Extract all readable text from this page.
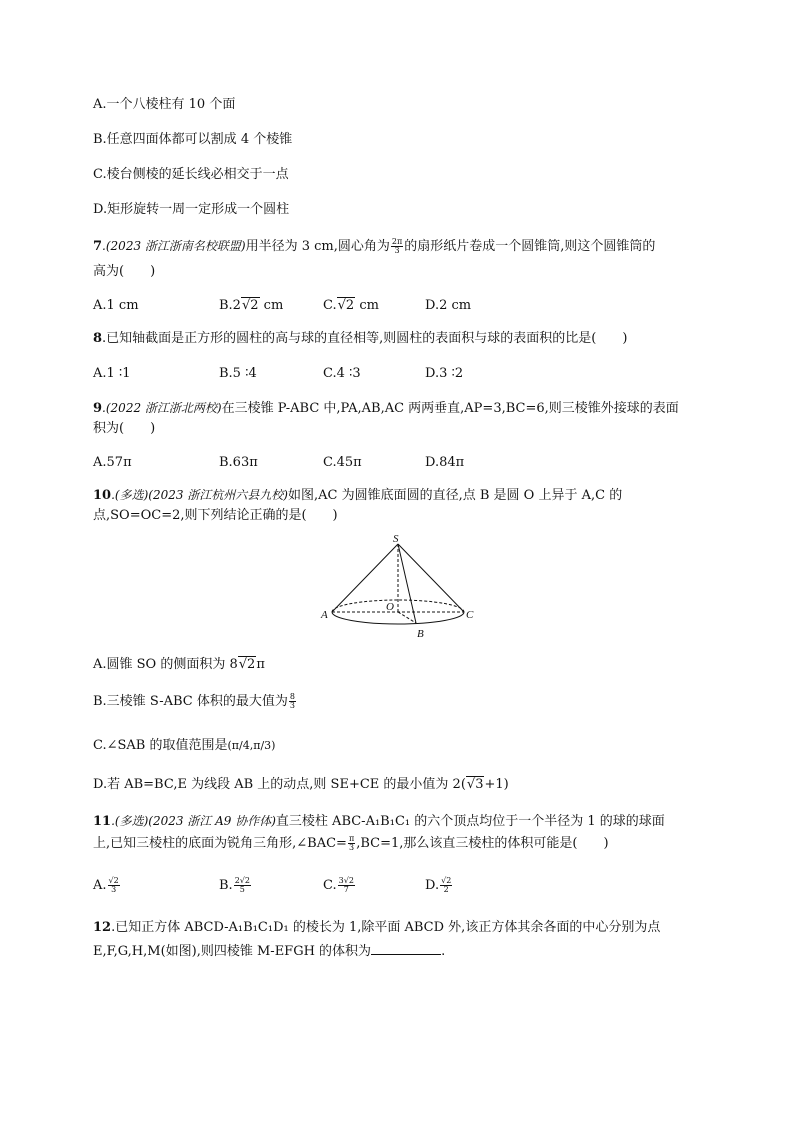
A.一个八棱柱有 10 个面
B.任意四面体都可以割成 4 个棱锥
C.棱台侧棱的延长线必相交于一点
D.矩形旋转一周一定形成一个圆柱
7.(2023 浙江浙南名校联盟)用半径为 3 cm,圆心角为 $\frac{2\pi}{3}$ 的扇形纸片卷成一个圆锥筒,则这个圆锥筒的
高为(　　)
A.1 cm	B.2√2 cm	C.√2 cm	D.2 cm
8.已知轴截面是正方形的圆柱的高与球的直径相等,则圆柱的表面积与球的表面积的比是(　　)
A.1 ∶1	B.5 ∶4	C.4 ∶3	D.3 ∶2
9.(2022 浙江浙北两校)在三棱锥 P-ABC 中,PA,AB,AC 两两垂直,AP=3,BC=6,则三棱锥外接球的表面
积为(　　)
A.57π	B.63π	C.45π	D.84π
10.(多选)(2023 浙江杭州六县九校)如图,AC 为圆锥底面圆的直径,点 B 是圆 O 上异于 A,C 的
点,SO=OC=2,则下列结论正确的是(　　)
S
O
A	C
B
A.圆锥 SO 的侧面积为 8√2π
B.三棱锥 S-ABC 体积的最大值为 $\frac{8}{3}$
C.∠SAB 的取值范围是(π/4,π/3)
D.若 AB=BC,E 为线段 AB 上的动点,则 SE+CE 的最小值为 2(√3+1)
11.(多选)(2023 浙江 A9 协作体)直三棱柱 ABC-A₁B₁C₁ 的六个顶点均位于一个半径为 1 的球的球面
上,已知三棱柱的底面为锐角三角形,∠BAC= $\frac{\pi}{3} ,BC=1$,那么该直三棱柱的体积可能是(　　)
A. $\frac{√2}{3}$	B. $\frac{2√2}{5}$	C. $\frac{3√2}{7}$	D. $\frac{√2}{2}$
12.已知正方体 ABCD-A₁B₁C₁D₁ 的棱长为 1,除平面 ABCD 外,该正方体其余各面的中心分别为点
E,F,G,H,M(如图),则四棱锥 M-EFGH 的体积为	.
